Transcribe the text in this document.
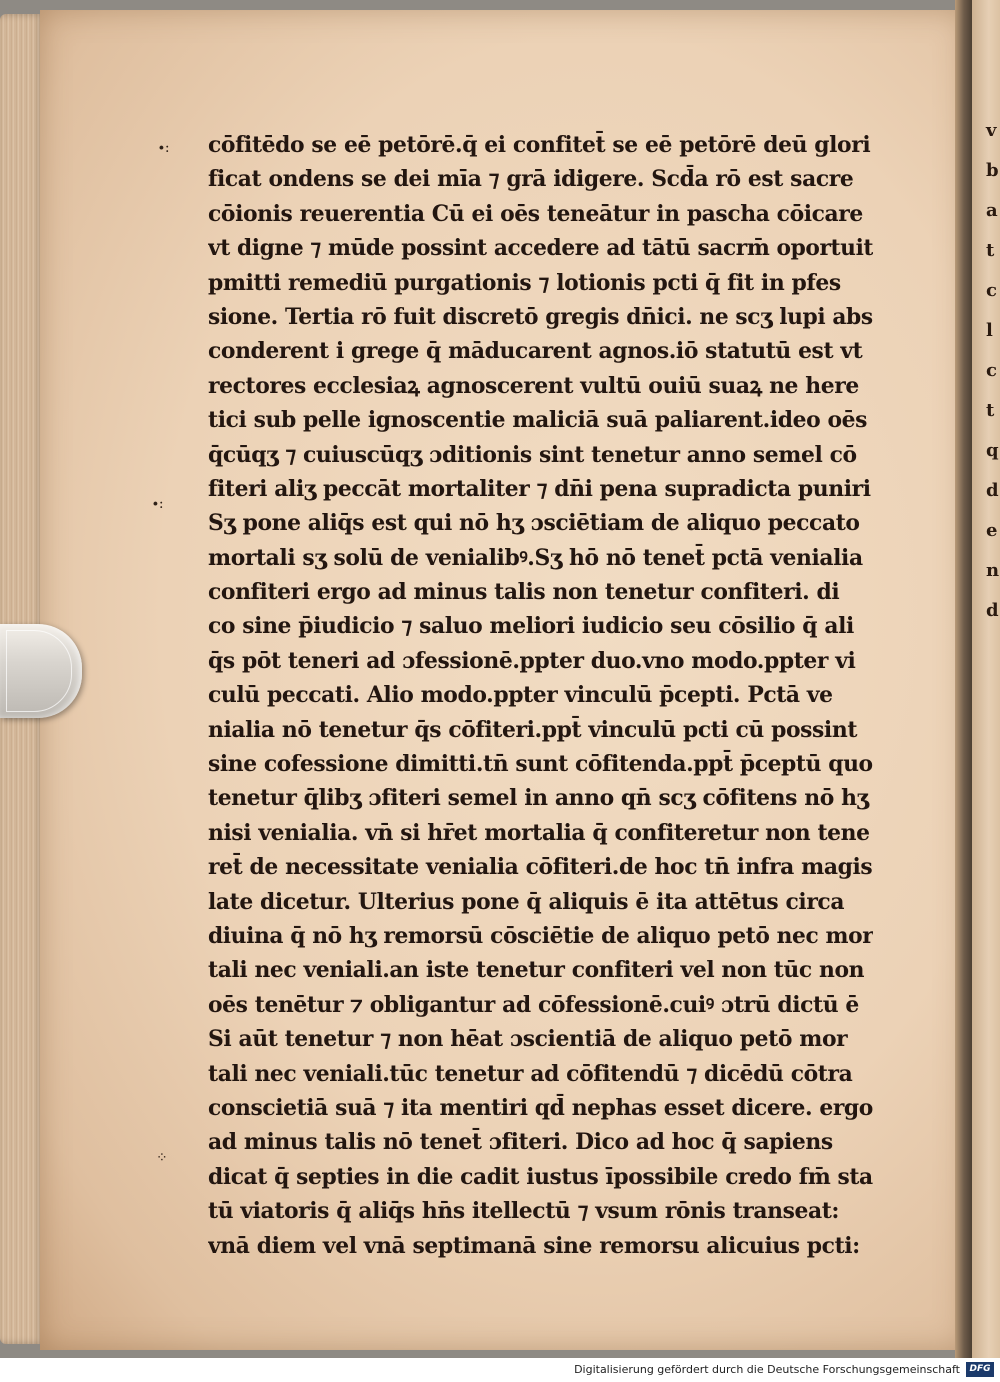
v
b
a
t
c
l
c
t
q
d
e
n
d
∙:
∙:
⁘
cōfitēdo se eē petōrē.q̄ ei confitet̄ se eē petōrē deū glori
ficat ondens se dei mīa ⁊ grā idigere. Scd̄a rō est sacre
cōionis reuerentia Cū ei oēs teneātur in pascha cōicare
vt digne ⁊ mūde possint accedere ad tātū sacrm̄ oportuit
pmitti remediū purgationis ⁊ lotionis pcti q̄ fit in pfes
sione. Tertia rō fuit discretō gregis dn̄ici. ne scʒ lupi abs
conderent i grege q̄ māducarent agnos.iō statutū est vt
rectores ecclesiaꝝ agnoscerent vultū ouiū suaꝝ ne here
tici sub pelle ignoscentie maliciā suā paliarent.ideo oēs
q̄cūqʒ ⁊ cuiuscūqʒ ɔditionis sint tenetur anno semel cō
fiteri aliʒ peccāt mortaliter ⁊ dn̄i pena supradicta puniri
Sʒ pone aliq̄s est qui nō hʒ ɔsciētiam de aliquo peccato
mortali sʒ solū de venialibꝰ.Sʒ hō nō tenet̄ pctā venialia
confiteri ergo ad minus talis non tenetur confiteri. di
co sine p̄iudicio ⁊ saluo meliori iudicio seu cōsilio q̄ ali
q̄s pōt teneri ad ɔfessionē.ppter duo.vno modo.ppter vi
culū peccati. Alio modo.ppter vinculū p̄cepti. Pctā ve
nialia nō tenetur q̄s cōfiteri.ppt̄ vinculū pcti cū possint
sine cofessione dimitti.tn̄ sunt cōfitenda.ppt̄ p̄ceptū quo
tenetur q̄libʒ ɔfiteri semel in anno qn̄ scʒ cōfitens nō hʒ
nisi venialia. vn̄ si hr̄et mortalia q̄ confiteretur non tene
ret̄ de necessitate venialia cōfiteri.de hoc tn̄ infra magis
late dicetur. Ulterius pone q̄ aliquis ē ita attētus circa
diuina q̄ nō hʒ remorsū cōsciētie de aliquo petō nec mor
tali nec veniali.an iste tenetur confiteri vel non tūc non
oēs tenētur ⁊ obligantur ad cōfessionē.cuiꝰ ɔtrū dictū ē
Si aūt tenetur ⁊ non hēat ɔscientiā de aliquo petō mor
tali nec veniali.tūc tenetur ad cōfitendū ⁊ dicēdū cōtra
conscietiā suā ⁊ ita mentiri qd̄ nephas esset dicere. ergo
ad minus talis nō tenet̄ ɔfiteri. Dico ad hoc q̄ sapiens
dicat q̄ septies in die cadit iustus īpossibile credo fm̄ sta
tū viatoris q̄ aliq̄s hn̄s itellectū ⁊ vsum rōnis transeat:
vnā diem vel vnā septimanā sine remorsu alicuius pcti:
Digitalisierung gefördert durch die Deutsche Forschungsgemeinschaft	DFG
